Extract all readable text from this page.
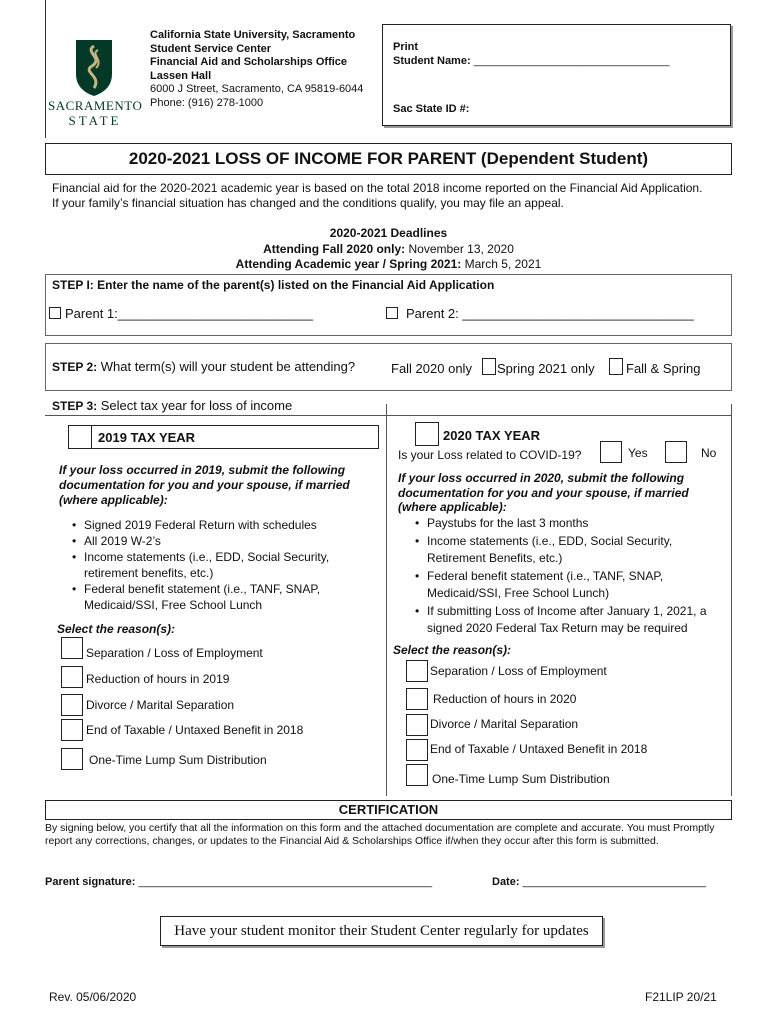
SACRAMENTO
STATE
California State University, Sacramento
Student Service Center
Financial Aid and Scholarships Office
Lassen Hall
6000 J Street, Sacramento, CA 95819-6044
Phone: (916) 278-1000
Print
Student Name: ________________________________
Sac State ID #:
2020-2021 LOSS OF INCOME FOR PARENT (Dependent Student)
Financial aid for the 2020-2021 academic year is based on the total 2018 income reported on the Financial Aid Application.
If your family’s financial situation has changed and the conditions qualify, you may file an appeal.
2020-2021 Deadlines
Attending Fall 2020 only: November 13, 2020
Attending Academic year / Spring 2021: March 5, 2021
STEP I: Enter the name of the parent(s) listed on the Financial Aid Application
Parent 1:___________________________	Parent 2: ________________________________
STEP 2: What term(s) will your student be attending?	Fall 2020 only Spring 2021 only Fall & Spring
STEP 3: Select tax year for loss of income
2019 TAX YEAR
If your loss occurred in 2019, submit the following documentation for you and your spouse, if married (where applicable):
• Signed 2019 Federal Return with schedules
• All 2019 W-2’s
• Income statements (i.e., EDD, Social Security, retirement benefits, etc.)
• Federal benefit statement (i.e., TANF, SNAP, Medicaid/SSI, Free School Lunch
Select the reason(s):
Separation / Loss of Employment
Reduction of hours in 2019
Divorce / Marital Separation
End of Taxable / Untaxed Benefit in 2018
One-Time Lump Sum Distribution
2020 TAX YEAR
Is your Loss related to COVID-19?	Yes	No
If your loss occurred in 2020, submit the following documentation for you and your spouse, if married (where applicable):
• Paystubs for the last 3 months
• Income statements (i.e., EDD, Social Security, Retirement Benefits, etc.)
• Federal benefit statement (i.e., TANF, SNAP, Medicaid/SSI, Free School Lunch)
• If submitting Loss of Income after January 1, 2021, a signed 2020 Federal Tax Return may be required
Select the reason(s):
Separation / Loss of Employment
Reduction of hours in 2020
Divorce / Marital Separation
End of Taxable / Untaxed Benefit in 2018
One-Time Lump Sum Distribution
CERTIFICATION
By signing below, you certify that all the information on this form and the attached documentation are complete and accurate. You must Promptly report any corrections, changes, or updates to the Financial Aid & Scholarships Office if/when they occur after this form is submitted.
Parent signature: ________________________________________________	Date: ______________________________
Have your student monitor their Student Center regularly for updates
Rev. 05/06/2020	F21LIP 20/21
